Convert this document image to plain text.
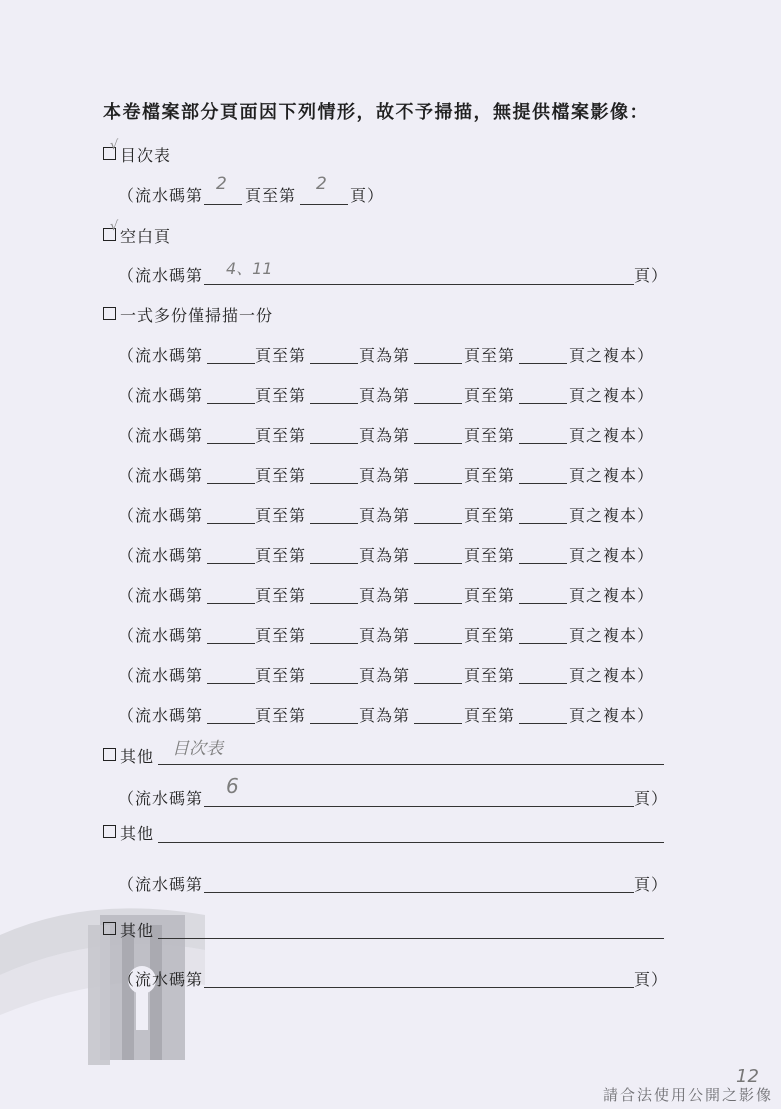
本卷檔案部分頁面因下列情形，故不予掃描，無提供檔案影像：
√
目次表
（流水碼第	頁至第	頁）
2	2
√
空白頁
（流水碼第	頁）
4、11
一式多份僅掃描一份
（流水碼第	頁至第	頁為第	頁至第	頁之複本）
（流水碼第	頁至第	頁為第	頁至第	頁之複本）
（流水碼第	頁至第	頁為第	頁至第	頁之複本）
（流水碼第	頁至第	頁為第	頁至第	頁之複本）
（流水碼第	頁至第	頁為第	頁至第	頁之複本）
（流水碼第	頁至第	頁為第	頁至第	頁之複本）
（流水碼第	頁至第	頁為第	頁至第	頁之複本）
（流水碼第	頁至第	頁為第	頁至第	頁之複本）
（流水碼第	頁至第	頁為第	頁至第	頁之複本）
（流水碼第	頁至第	頁為第	頁至第	頁之複本）
其他 目次表
（流水碼第	頁）
6
其他
（流水碼第	頁）
其他
（流水碼第	頁）
12
請合法使用公開之影像
